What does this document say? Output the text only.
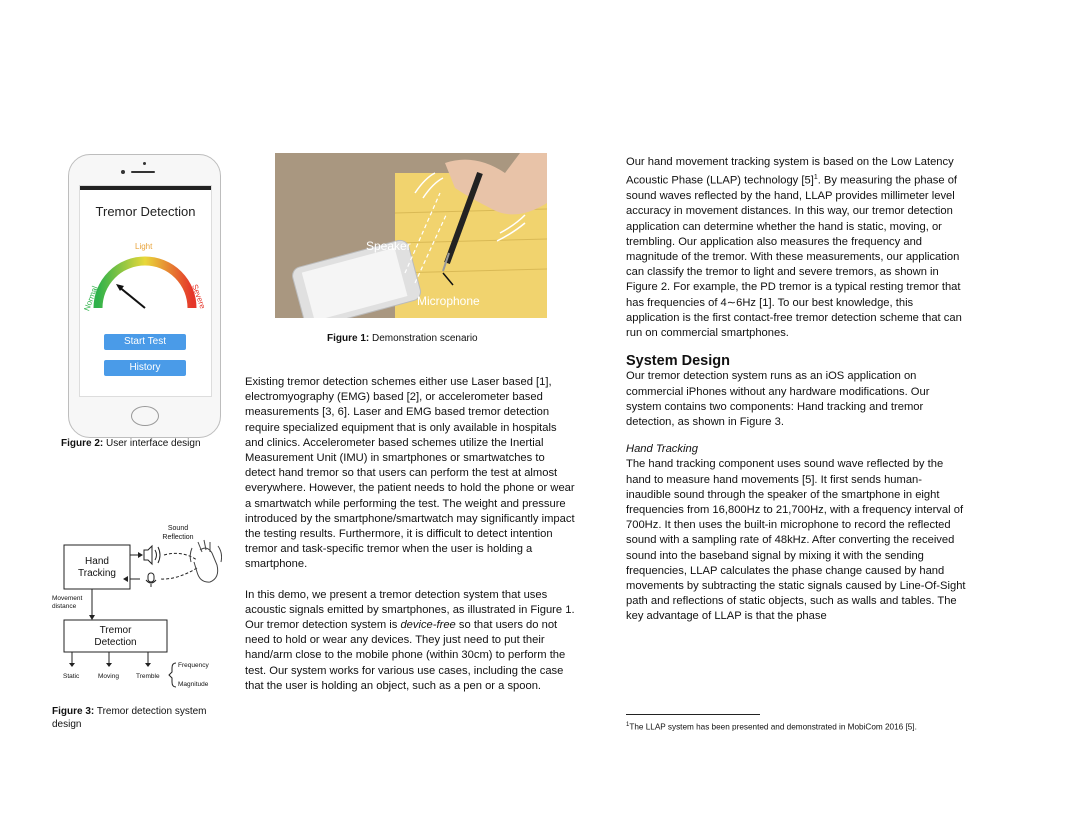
Tremor Detection
Light
Normal	Severe
Start Test
History
Figure 2: User interface design
Speaker
Microphone
Figure 1: Demonstration scenario
Sound
Reflection
Hand
Tracking
Movement
distance
Tremor
Detection
Static	Moving	Tremble
Frequency
Magnitude
Figure 3: Tremor detection system design

Existing tremor detection schemes either use Laser based [1], electromyography (EMG) based [2], or accelerometer based measurements [3, 6]. Laser and EMG based tremor detection require specialized equipment that is only available in hospitals and clinics. Accelerometer based schemes utilize the Inertial Measurement Unit (IMU) in smartphones or smartwatches to detect hand tremor so that users can perform the test at almost everywhere. However, the patient needs to hold the phone or wear a smartwatch while performing the test. The weight and pressure introduced by the smartphone/smartwatch may significantly impact the testing results. Furthermore, it is difficult to detect intention tremor and task-specific tremor when the user is holding a smartphone.

In this demo, we present a tremor detection system that uses acoustic signals emitted by smartphones, as illustrated in Figure 1. Our tremor detection system is device-free so that users do not need to hold or wear any devices. They just need to put their hand/arm close to the mobile phone (within 30cm) to perform the test. Our system works for various use cases, including the case that the user is holding an object, such as a pen or a spoon.

Our hand movement tracking system is based on the Low Latency Acoustic Phase (LLAP) technology $[5]^1$. By measuring the phase of sound waves reflected by the hand, LLAP provides millimeter level accuracy in movement distances. In this way, our tremor detection application can determine whether the hand is static, moving, or trembling. Our application also measures the frequency and magnitude of the tremor. With these measurements, our application can classify the tremor to light and severe tremors, as shown in Figure 2. For example, the PD tremor is a typical resting tremor that has frequencies of 4∼6Hz [1]. To our best knowledge, this application is the first contact-free tremor detection scheme that can run on commercial smartphones.

System Design

Our tremor detection system runs as an iOS application on commercial iPhones without any hardware modifications. Our system contains two components: Hand tracking and tremor detection, as shown in Figure 3.

Hand Tracking

The hand tracking component uses sound wave reflected by the hand to measure hand movements [5]. It first sends human-inaudible sound through the speaker of the smartphone in eight frequencies from 16,800Hz to 21,700Hz, with a frequency interval of 700Hz. It then uses the built-in microphone to record the reflected sound with a sampling rate of 48kHz. After converting the received sound into the baseband signal by mixing it with the sending frequencies, LLAP calculates the phase change caused by hand movements by subtracting the static signals caused by Line-Of-Sight path and reflections of static objects, such as walls and tables. The key advantage of LLAP is that the phase

$^1$The LLAP system has been presented and demonstrated in MobiCom 2016 [5].
